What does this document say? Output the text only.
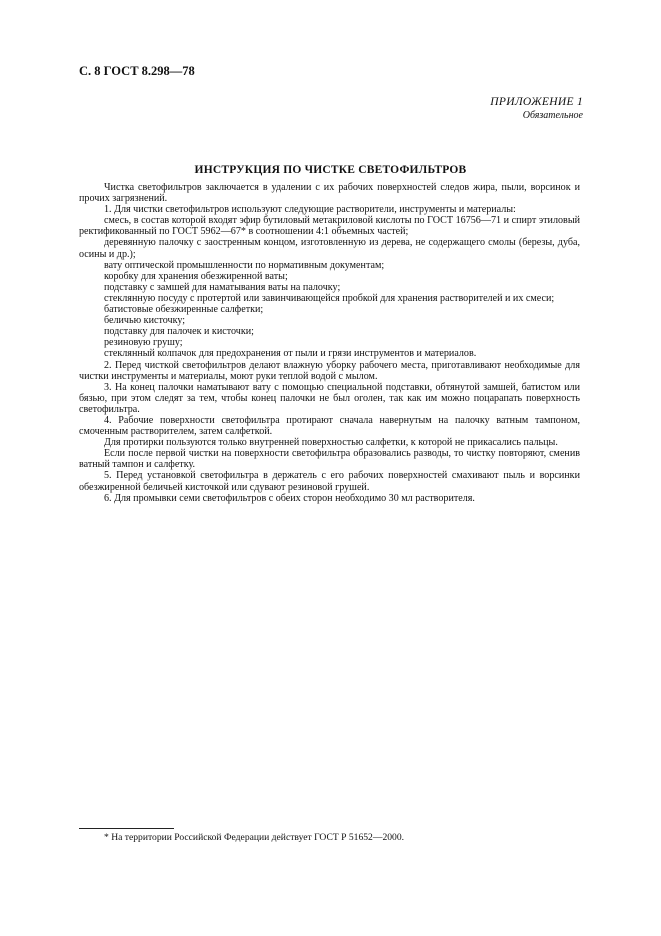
С. 8 ГОСТ 8.298—78
ПРИЛОЖЕНИЕ 1
Обязательное
ИНСТРУКЦИЯ ПО ЧИСТКЕ СВЕТОФИЛЬТРОВ

Чистка светофильтров заключается в удалении с их рабочих поверхностей следов жира, пыли, ворсинок и прочих загрязнений.

1. Для чистки светофильтров используют следующие растворители, инструменты и материалы:

смесь, в состав которой входят эфир бутиловый метакриловой кислоты по ГОСТ 16756—71 и спирт этиловый ректификованный по ГОСТ 5962—67* в соотношении 4:1 объемных частей;

деревянную палочку с заостренным концом, изготовленную из дерева, не содержащего смолы (березы, дуба, осины и др.);

вату оптической промышленности по нормативным документам;

коробку для хранения обезжиренной ваты;

подставку с замшей для наматывания ваты на палочку;

стеклянную посуду с протертой или завинчивающейся пробкой для хранения растворителей и их смеси;

батистовые обезжиренные салфетки;

беличью кисточку;

подставку для палочек и кисточки;

резиновую грушу;

стеклянный колпачок для предохранения от пыли и грязи инструментов и материалов.

2. Перед чисткой светофильтров делают влажную уборку рабочего места, приготавливают необходимые для чистки инструменты и материалы, моют руки теплой водой с мылом.

3. На конец палочки наматывают вату с помощью специальной подставки, обтянутой замшей, батистом или бязью, при этом следят за тем, чтобы конец палочки не был оголен, так как им можно поцарапать поверхность светофильтра.

4. Рабочие поверхности светофильтра протирают сначала навернутым на палочку ватным тампоном, смоченным растворителем, затем салфеткой.

Для протирки пользуются только внутренней поверхностью салфетки, к которой не прикасались пальцы.

Если после первой чистки на поверхности светофильтра образовались разводы, то чистку повторяют, сменив ватный тампон и салфетку.

5. Перед установкой светофильтра в держатель с его рабочих поверхностей смахивают пыль и ворсинки обезжиренной беличьей кисточкой или сдувают резиновой грушей.

6. Для промывки семи светофильтров с обеих сторон необходимо 30 мл растворителя.

* На территории Российской Федерации действует ГОСТ Р 51652—2000.
